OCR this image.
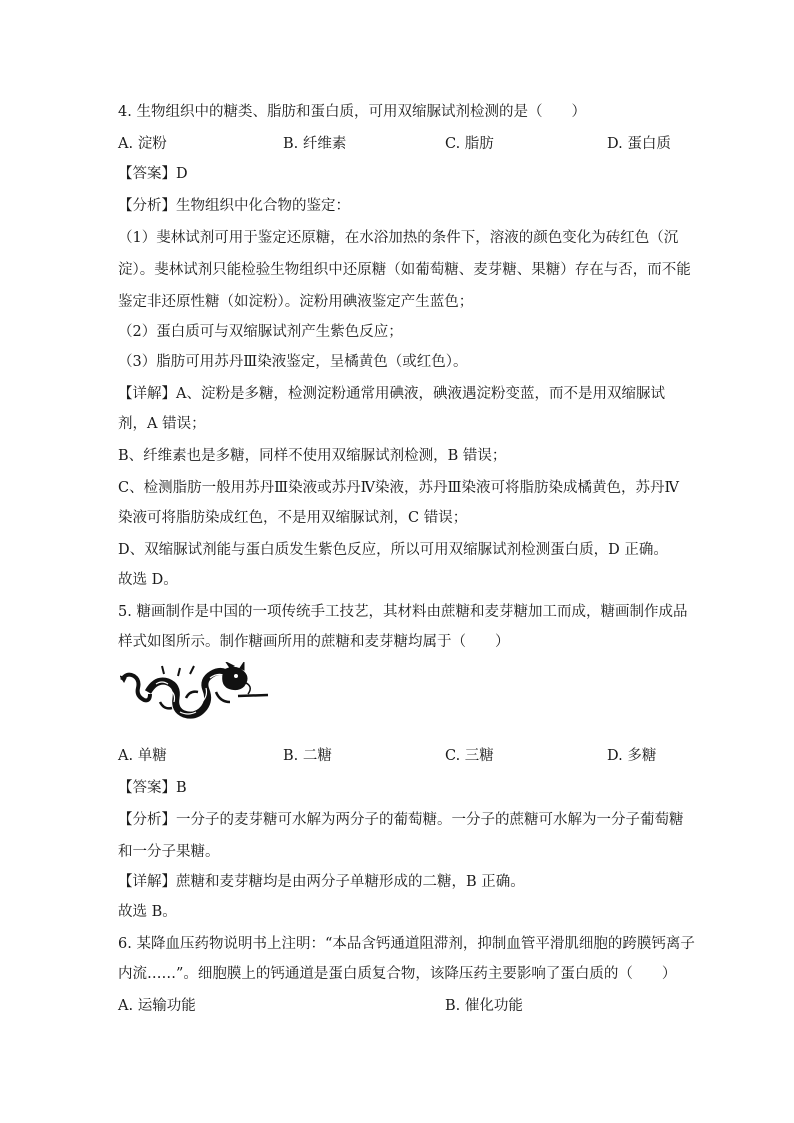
4. 生物组织中的糖类、脂肪和蛋白质，可用双缩脲试剂检测的是（　　）
A. 淀粉	B. 纤维素	C. 脂肪	D. 蛋白质
【答案】D
【分析】生物组织中化合物的鉴定：
（1）斐林试剂可用于鉴定还原糖，在水浴加热的条件下，溶液的颜色变化为砖红色（沉
淀）。斐林试剂只能检验生物组织中还原糖（如葡萄糖、麦芽糖、果糖）存在与否，而不能
鉴定非还原性糖（如淀粉）。淀粉用碘液鉴定产生蓝色；
（2）蛋白质可与双缩脲试剂产生紫色反应；
（3）脂肪可用苏丹Ⅲ染液鉴定，呈橘黄色（或红色）。
【详解】A、淀粉是多糖，检测淀粉通常用碘液，碘液遇淀粉变蓝，而不是用双缩脲试
剂，A 错误；
B、纤维素也是多糖，同样不使用双缩脲试剂检测，B 错误；
C、检测脂肪一般用苏丹Ⅲ染液或苏丹Ⅳ染液，苏丹Ⅲ染液可将脂肪染成橘黄色，苏丹Ⅳ
染液可将脂肪染成红色，不是用双缩脲试剂，C 错误；
D、双缩脲试剂能与蛋白质发生紫色反应，所以可用双缩脲试剂检测蛋白质，D 正确。
故选 D。
5. 糖画制作是中国的一项传统手工技艺，其材料由蔗糖和麦芽糖加工而成，糖画制作成品
样式如图所示。制作糖画所用的蔗糖和麦芽糖均属于（　　）
A. 单糖	B. 二糖	C. 三糖	D. 多糖
【答案】B
【分析】一分子的麦芽糖可水解为两分子的葡萄糖。一分子的蔗糖可水解为一分子葡萄糖
和一分子果糖。
【详解】蔗糖和麦芽糖均是由两分子单糖形成的二糖，B 正确。
故选 B。
6. 某降血压药物说明书上注明：“本品含钙通道阻滞剂，抑制血管平滑肌细胞的跨膜钙离子
内流……”。细胞膜上的钙通道是蛋白质复合物，该降压药主要影响了蛋白质的（　　）
A. 运输功能	B. 催化功能
